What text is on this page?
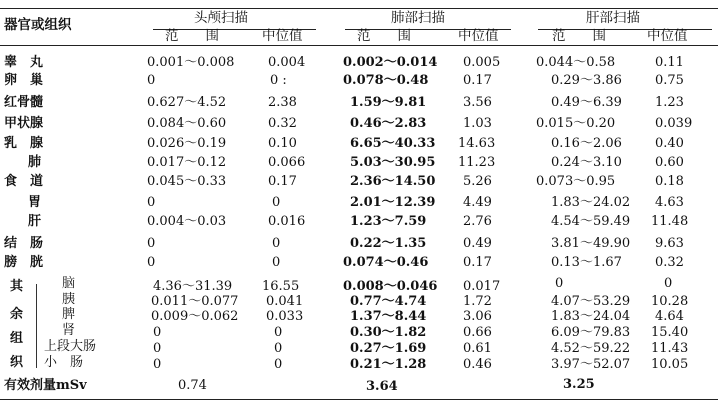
器官或组织	头颅扫描
范　　围	中位值
肺部扫描
范　　围	中位值
肝部扫描
范　　围	中位值
睾　丸	0.001～0.008	0.004	0.002～0.014 0.005	0.044～0.58	0.11
卵　巢	0	0 :	0.078～0.48	0.17	0.29～3.86	0.75
红骨髓	0.627～4.52	2.38	1.59～9.81	3.56	0.49～6.39	1.23
甲状腺	0.084～0.60	0.32	0.46～2.83	1.03	0.015～0.20	0.039
乳　腺	0.026～0.19	0.10	6.65～40.33 14.63	0.16～2.06	0.40
肺	0.017～0.12	0.066	5.03～30.95 11.23	0.24～3.10	0.60
食　道	0.045～0.33	0.17	2.36～14.50 5.26	0.073～0.95	0.18
胃	0	0	2.01～12.39 4.49	1.83～24.02 4.63
肝	0.004～0.03	0.016	1.23～7.59	2.76	4.54～59.49 11.48
结　肠	0	0	0.22～1.35	0.49	3.81～49.90 9.63
膀　胱	0	0	0.074～0.46	0.17	0.13～1.67	0.32
其
余
组
织
脑	4.36～31.39 16.55	0.008～0.046 0.017	0	0
胰	0.011～0.077 0.041	0.77～4.74	1.72	4.07～53.29 10.28
脾	0.009～0.062 0.033	1.37～8.44	3.06	1.83～24.04 4.64
肾	0	0	0.30～1.82	0.66	6.09～79.83 15.40
上段大肠	0	0	0.27～1.69	0.61	4.52～59.22 11.43
小　肠	0	0	0.21～1.28	0.46	3.97～52.07 10.05
有效剂量mSv	0.74	3.64	3.25
